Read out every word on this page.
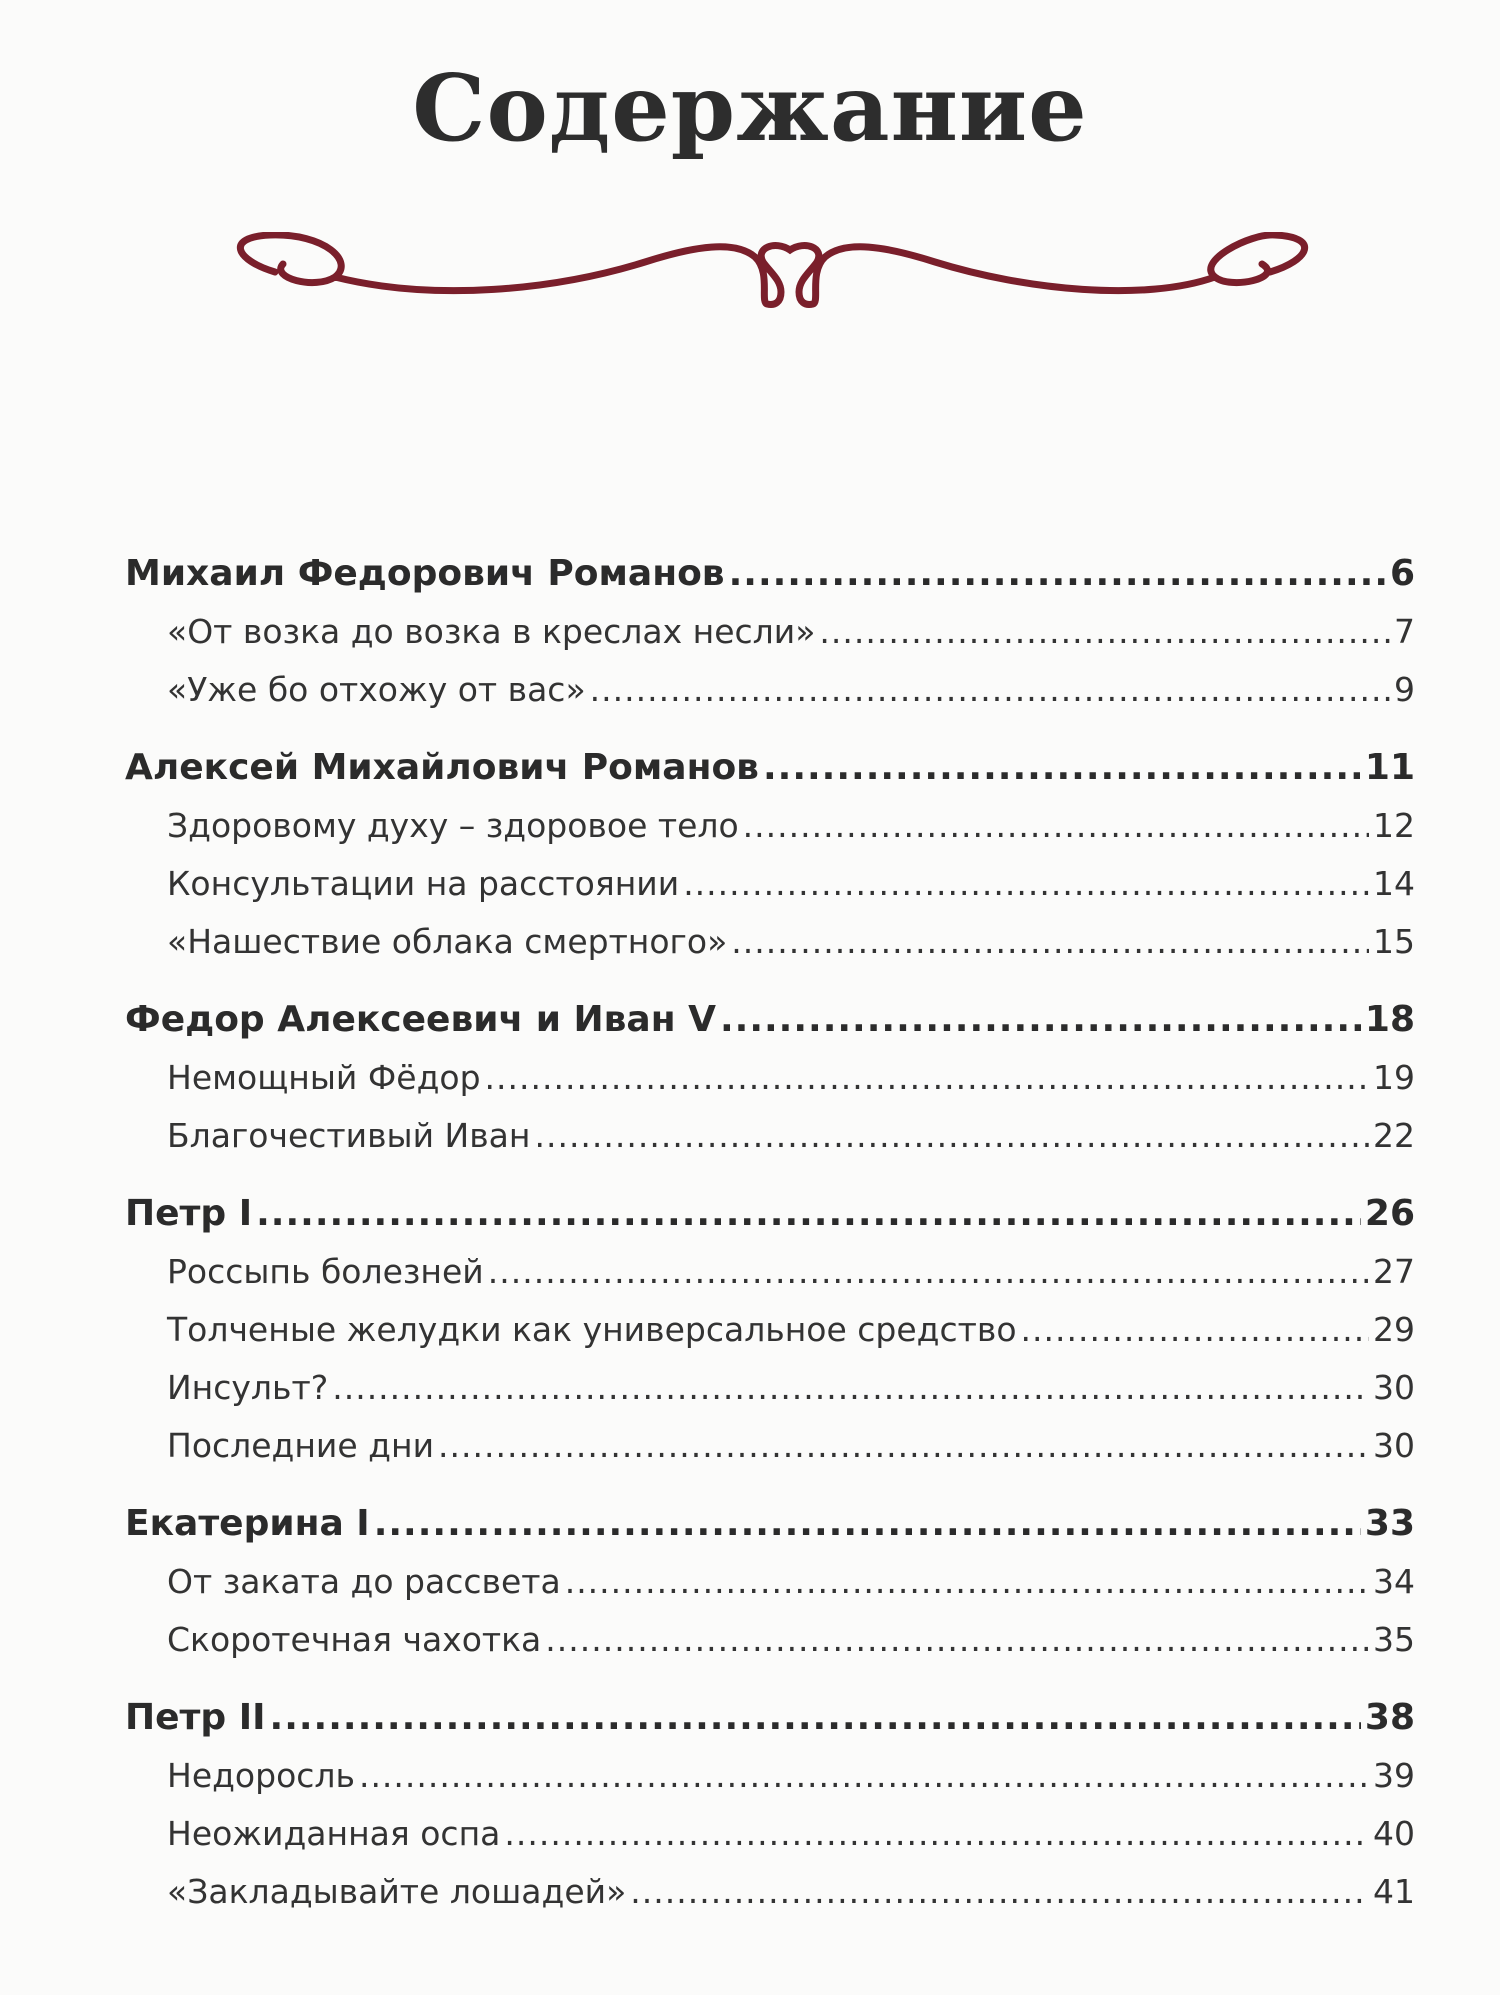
Содержание
Михаил Федорович Романов .....	6
«От возка до возка в креслах несли» .....	7
«Уже бо отхожу от вас» .....	9
Алексей Михайлович Романов .....	11
Здоровому духу – здоровое тело .....	12
Консультации на расстоянии .....	14
«Нашествие облака смертного» .....	15
Федор Алексеевич и Иван V .....	18
Немощный Фёдор .....	19
Благочестивый Иван .....	22
Петр I .....	26
Россыпь болезней .....	27
Толченые желудки как универсальное средство .....	29
Инсульт? .....	30
Последние дни .....	30
Екатерина I .....	33
От заката до рассвета .....	34
Скоротечная чахотка .....	35
Петр II .....	38
Недоросль .....	39
Неожиданная оспа .....	40
«Закладывайте лошадей» .....	41
